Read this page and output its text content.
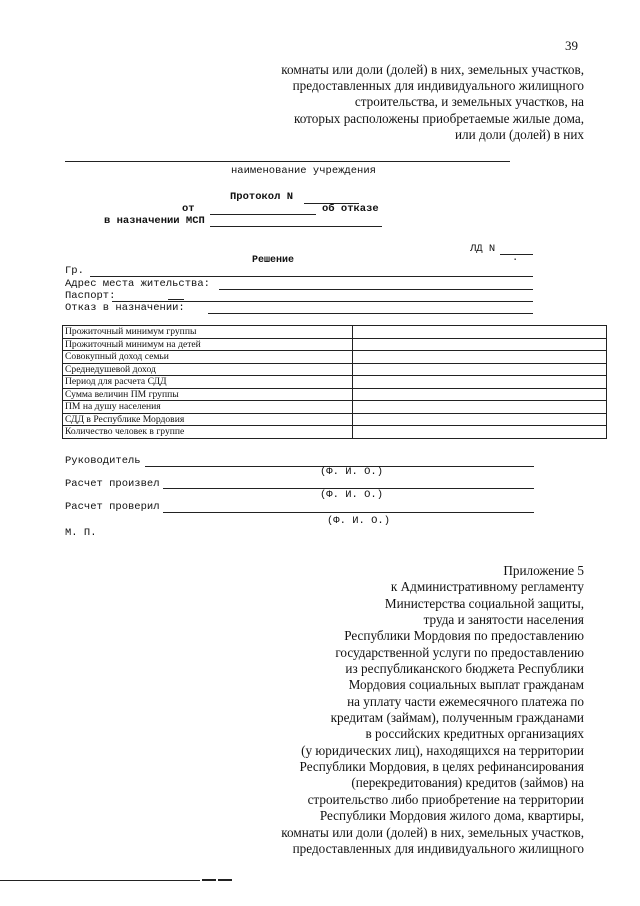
39
комнаты или доли (долей) в них, земельных участков,
предоставленных для индивидуального жилищного
строительства, и земельных участков, на
которых расположены приобретаемые жилые дома,
или доли (долей) в них
наименование учреждения
Протокол N
от	об отказе
в назначении МСП
ЛД N
.
Решение
Гр.
Адрес места жительства:
Паспорт:
Отказ в назначении:
Прожиточный минимум группы	
Прожиточный минимум на детей	
Совокупный доход семьи	
Среднедушевой доход	
Период для расчета СДД	
Сумма величин ПМ группы	
ПМ на душу населения	
СДД в Республике Мордовия	
Количество человек в группе	
Руководитель
(Ф. И. О.)
Расчет произвел
(Ф. И. О.)
Расчет проверил
(Ф. И. О.)
М. П.
Приложение 5
к Административному регламенту
Министерства социальной защиты,
труда и занятости населения
Республики Мордовия по предоставлению
государственной услуги по предоставлению
из республиканского бюджета Республики
Мордовия социальных выплат гражданам
на уплату части ежемесячного платежа по
кредитам (займам), полученным гражданами
в российских кредитных организациях
(у юридических лиц), находящихся на территории
Республики Мордовия, в целях рефинансирования
(перекредитования) кредитов (займов) на
строительство либо приобретение на территории
Республики Мордовия жилого дома, квартиры,
комнаты или доли (долей) в них, земельных участков,
предоставленных для индивидуального жилищного
